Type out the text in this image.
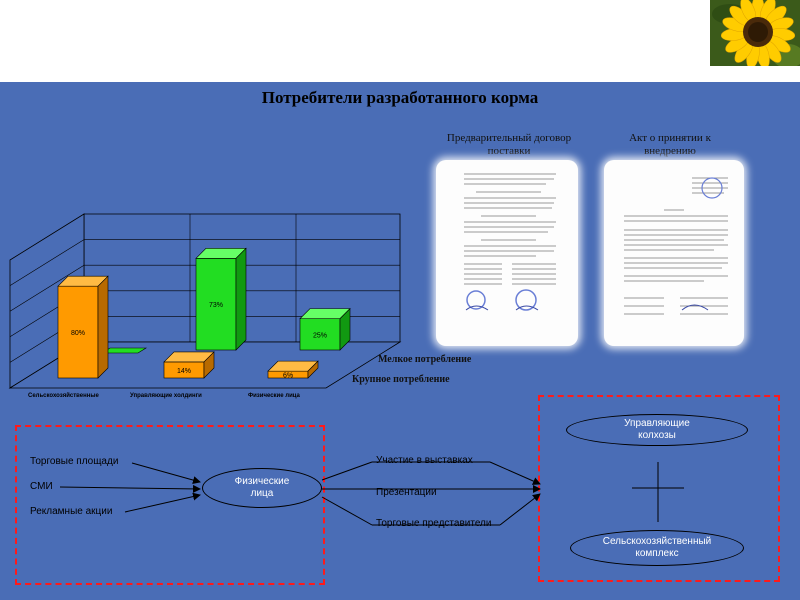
Потребители разработанного корма
Предварительный договор поставки
Акт о принятии к внедрению
73%
25%
80%
14%
6%
Сельскохозяйственные	Управляющие холдинги	Физические лица
Мелкое потребление
Крупное потребление
Торговые площади
СМИ
Рекламные акции
Участие в выставках
Презентации
Торговые представители
Физические лица
Управляющие колхозы
Сельскохозяйственный комплекс
